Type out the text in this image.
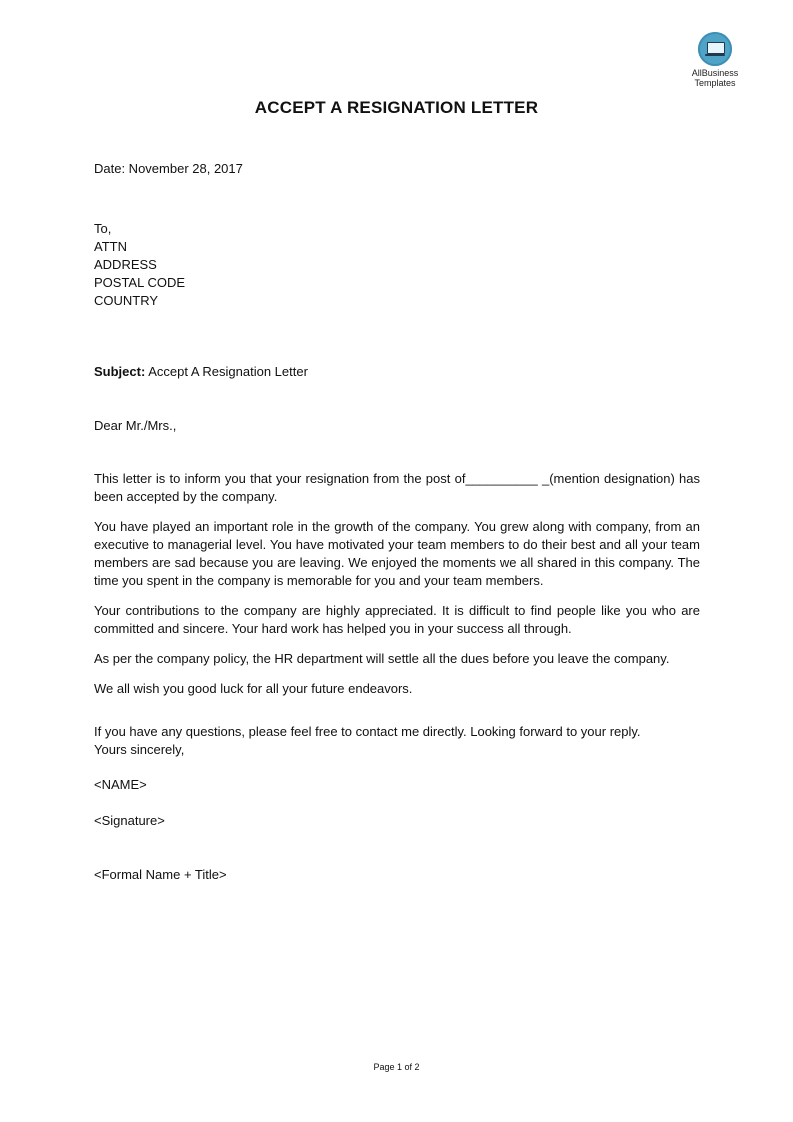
AllBusiness
Templates
ACCEPT A RESIGNATION LETTER
Date: November 28, 2017
To,
ATTN
ADDRESS
POSTAL CODE
COUNTRY
Subject: Accept A Resignation Letter
Dear Mr./Mrs.,

This letter is to inform you that your resignation from the post of__________ _(mention designation) has been accepted by the company.

You have played an important role in the growth of the company. You grew along with company, from an executive to managerial level. You have motivated your team members to do their best and all your team members are sad because you are leaving. We enjoyed the moments we all shared in this company. The time you spent in the company is memorable for you and your team members.

Your contributions to the company are highly appreciated. It is difficult to find people like you who are committed and sincere. Your hard work has helped you in your success all through.

As per the company policy, the HR department will settle all the dues before you leave the company.

We all wish you good luck for all your future endeavors.

If you have any questions, please feel free to contact me directly. Looking forward to your reply.
Yours sincerely,
<NAME>
<Signature>
<Formal Name + Title>
Page 1 of 2
